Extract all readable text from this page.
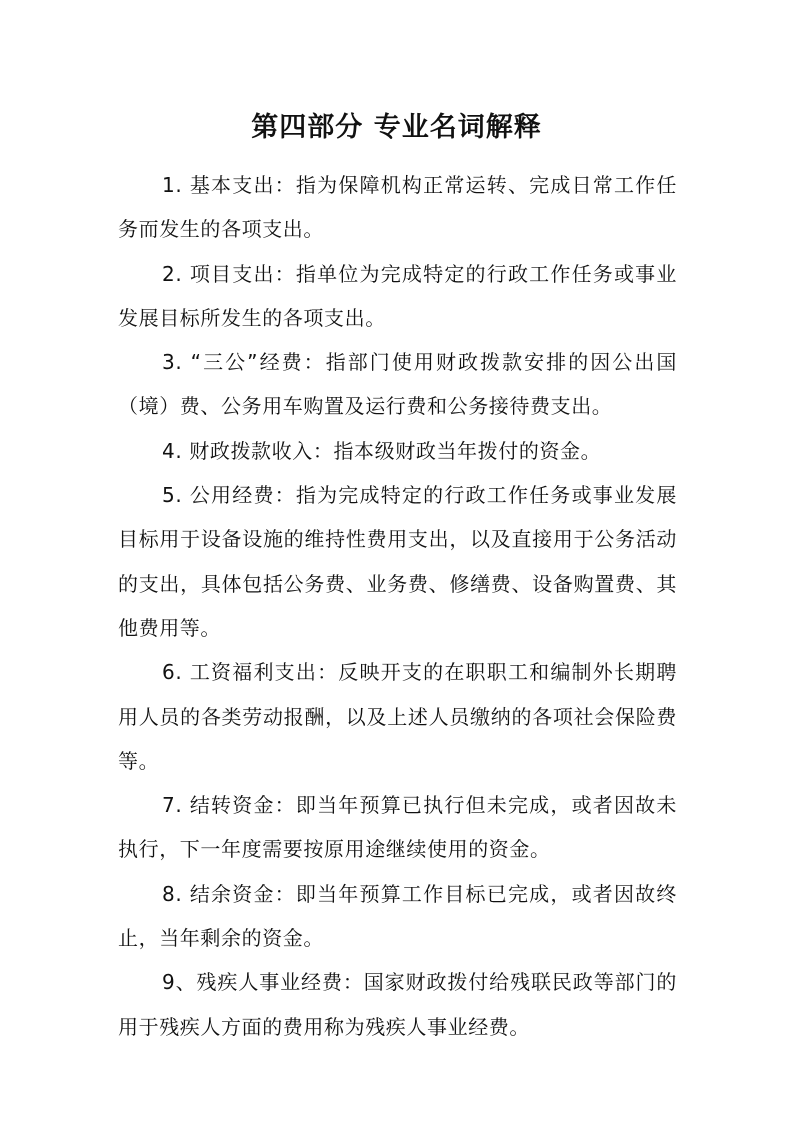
第四部分 专业名词解释

1. 基本支出：指为保障机构正常运转、完成日常工作任务而发生的各项支出。

2. 项目支出：指单位为完成特定的行政工作任务或事业发展目标所发生的各项支出。

3. “三公”经费：指部门使用财政拨款安排的因公出国（境）费、公务用车购置及运行费和公务接待费支出。

4. 财政拨款收入：指本级财政当年拨付的资金。

5. 公用经费：指为完成特定的行政工作任务或事业发展目标用于设备设施的维持性费用支出，以及直接用于公务活动的支出，具体包括公务费、业务费、修缮费、设备购置费、其他费用等。

6. 工资福利支出：反映开支的在职职工和编制外长期聘用人员的各类劳动报酬，以及上述人员缴纳的各项社会保险费等。

7. 结转资金：即当年预算已执行但未完成，或者因故未执行，下一年度需要按原用途继续使用的资金。

8. 结余资金：即当年预算工作目标已完成，或者因故终止，当年剩余的资金。

9、残疾人事业经费：国家财政拨付给残联民政等部门的用于残疾人方面的费用称为残疾人事业经费。
